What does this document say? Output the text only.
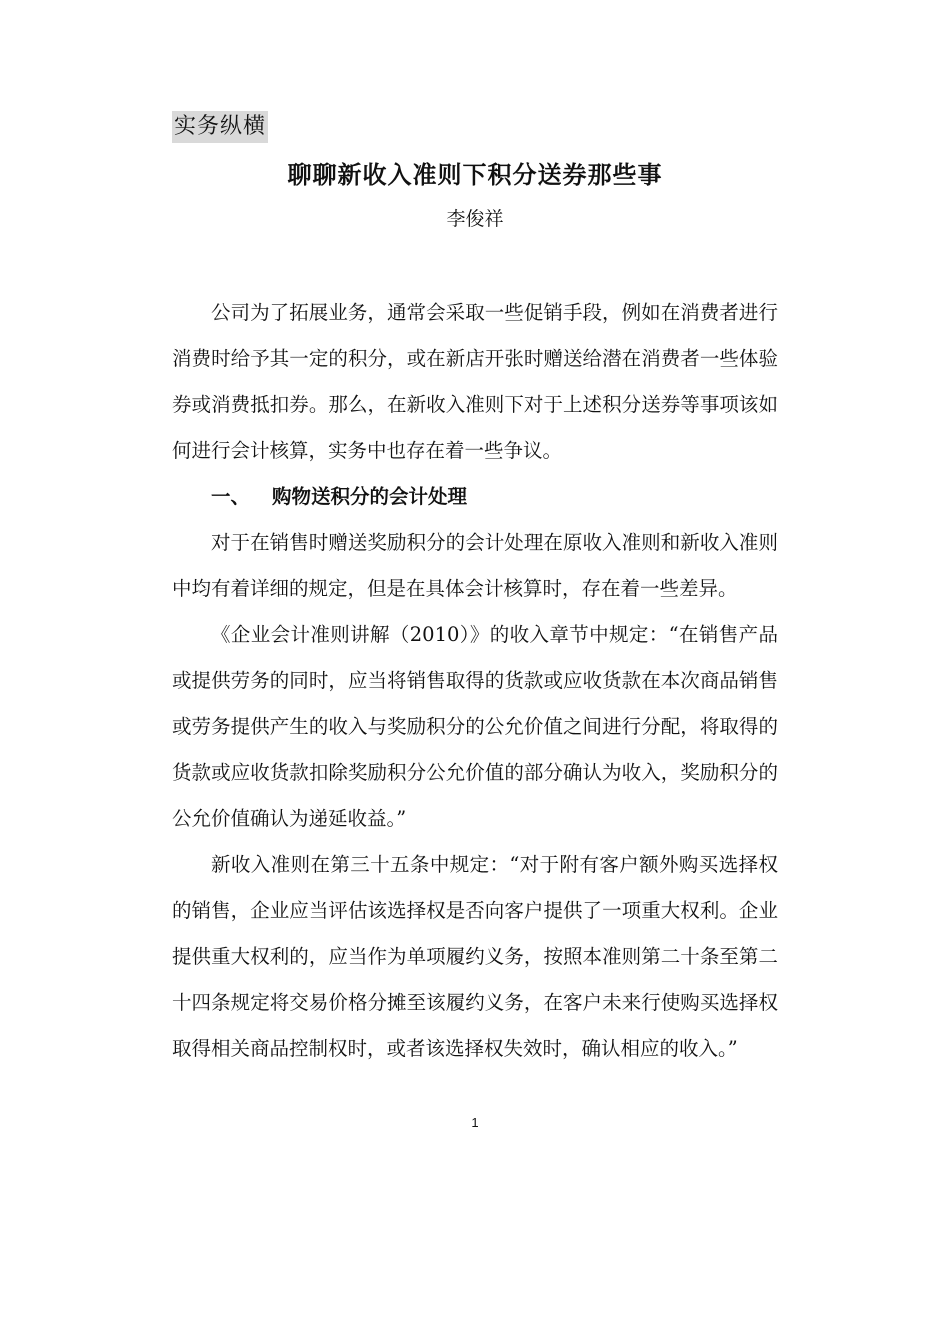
实务纵横
聊聊新收入准则下积分送券那些事
李俊祥

公司为了拓展业务，通常会采取一些促销手段，例如在消费者进行消费时给予其一定的积分，或在新店开张时赠送给潜在消费者一些体验券或消费抵扣券。那么，在新收入准则下对于上述积分送券等事项该如何进行会计核算，实务中也存在着一些争议。

一、 购物送积分的会计处理

对于在销售时赠送奖励积分的会计处理在原收入准则和新收入准则中均有着详细的规定，但是在具体会计核算时，存在着一些差异。

《企业会计准则讲解（2010）》的收入章节中规定：“在销售产品或提供劳务的同时，应当将销售取得的货款或应收货款在本次商品销售或劳务提供产生的收入与奖励积分的公允价值之间进行分配，将取得的货款或应收货款扣除奖励积分公允价值的部分确认为收入，奖励积分的公允价值确认为递延收益。”

新收入准则在第三十五条中规定：“对于附有客户额外购买选择权的销售，企业应当评估该选择权是否向客户提供了一项重大权利。企业提供重大权利的，应当作为单项履约义务，按照本准则第二十条至第二十四条规定将交易价格分摊至该履约义务，在客户未来行使购买选择权取得相关商品控制权时，或者该选择权失效时，确认相应的收入。”

1
